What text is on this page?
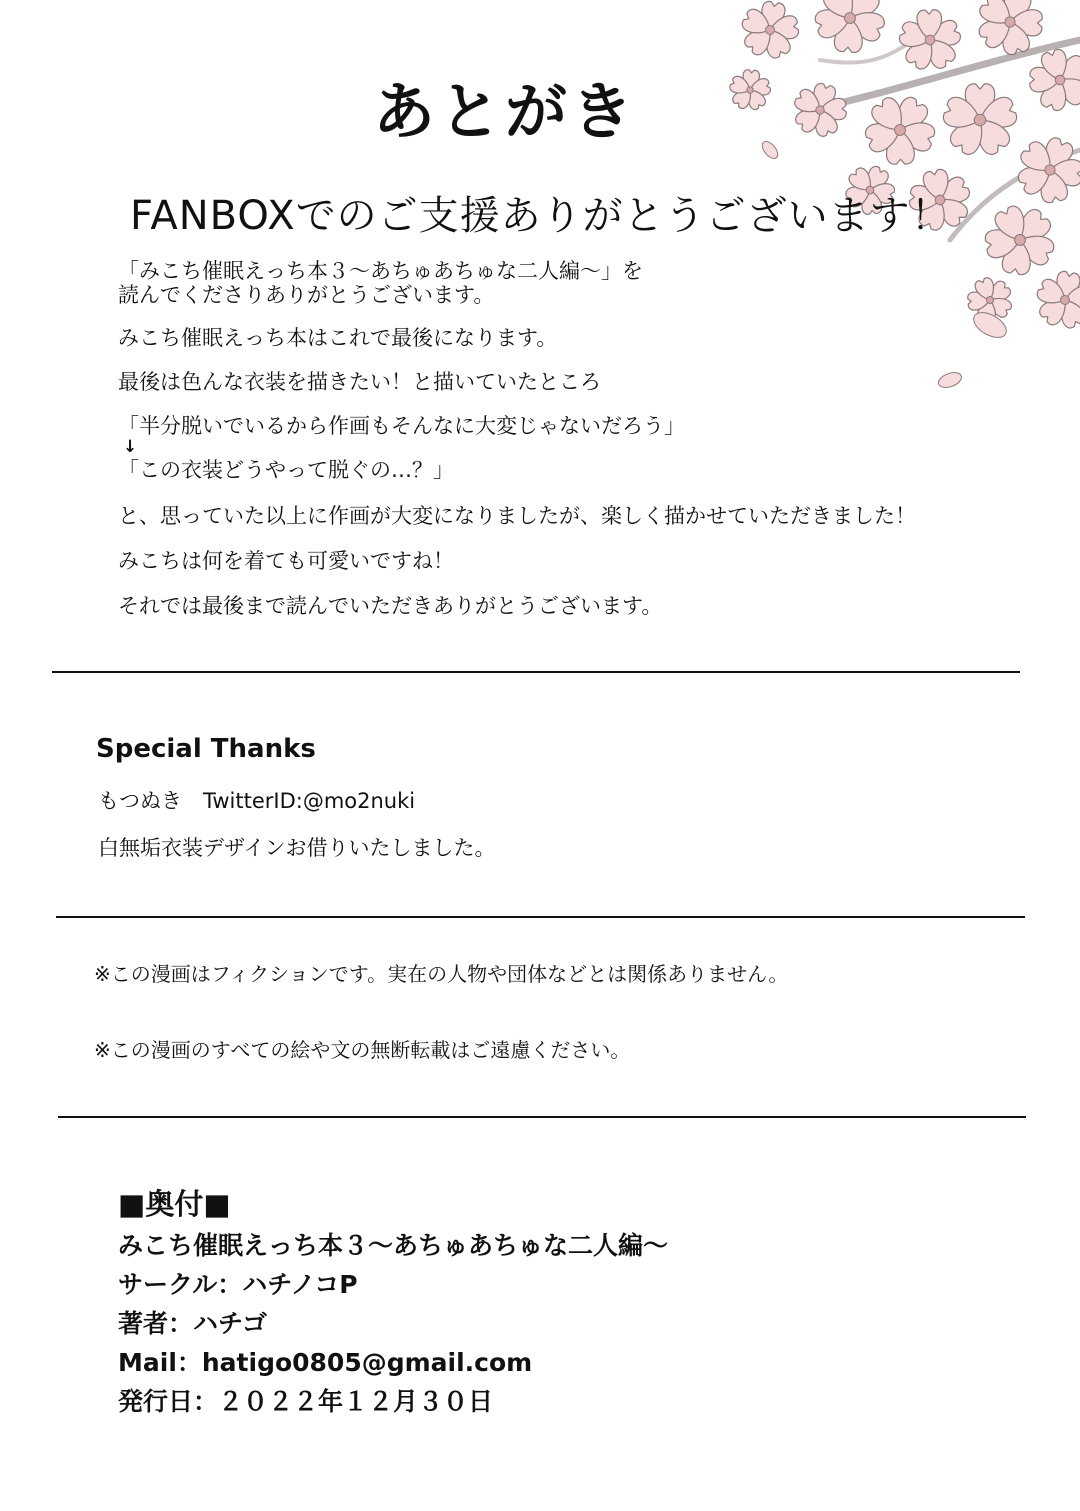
あとがき
FANBOXでのご支援ありがとうございます！
「みこち催眠えっち本３～あちゅあちゅな二人編～」を
読んでくださりありがとうございます。
みこち催眠えっち本はこれで最後になります。
最後は色んな衣装を描きたい！と描いていたところ
「半分脱いでいるから作画もそんなに大変じゃないだろう」
↓
「この衣装どうやって脱ぐの…？」
と、思っていた以上に作画が大変になりましたが、楽しく描かせていただきました！
みこちは何を着ても可愛いですね！
それでは最後まで読んでいただきありがとうございます。
Special Thanks
もつぬき　TwitterID:@mo2nuki
白無垢衣装デザインお借りいたしました。
※この漫画はフィクションです。実在の人物や団体などとは関係ありません。
※この漫画のすべての絵や文の無断転載はご遠慮ください。
■奥付■
みこち催眠えっち本３～あちゅあちゅな二人編～
サークル：ハチノコP
著者：ハチゴ
Mail：hatigo0805@gmail.com
発行日：２０２２年１２月３０日
